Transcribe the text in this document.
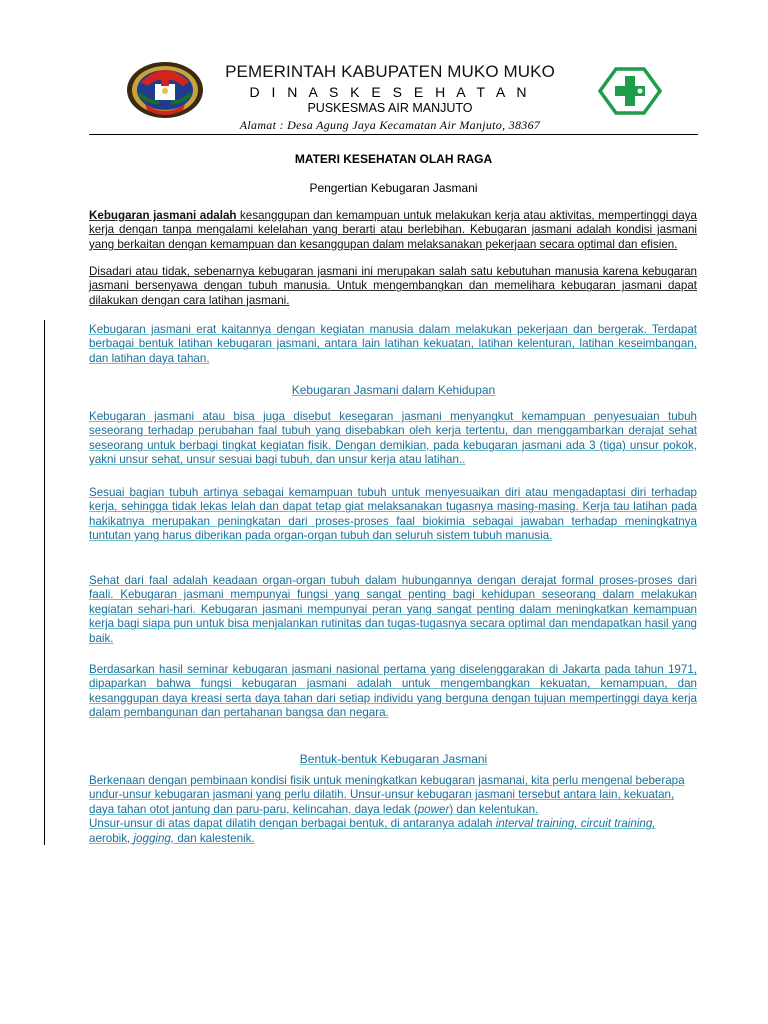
PEMERINTAH KABUPATEN MUKO MUKO
D I N A S K E S E H A T A N
PUSKESMAS AIR MANJUTO
Alamat : Desa Agung Jaya Kecamatan Air Manjuto, 38367
MATERI KESEHATAN OLAH RAGA
Pengertian Kebugaran Jasmani
Kebugaran jasmani adalah kesanggupan dan kemampuan untuk melakukan kerja atau aktivitas, mempertinggi daya kerja dengan tanpa mengalami kelelahan yang berarti atau berlebihan. Kebugaran jasmani adalah kondisi jasmani yang berkaitan dengan kemampuan dan kesanggupan dalam melaksanakan pekerjaan secara optimal dan efisien.
Disadari atau tidak, sebenarnya kebugaran jasmani ini merupakan salah satu kebutuhan manusia karena kebugaran jasmani bersenyawa dengan tubuh manusia. Untuk mengembangkan dan memelihara kebugaran jasmani dapat dilakukan dengan cara latihan jasmani.
Kebugaran jasmani erat kaitannya dengan kegiatan manusia dalam melakukan pekerjaan dan bergerak. Terdapat berbagai bentuk latihan kebugaran jasmani, antara lain latihan kekuatan, latihan kelenturan, latihan keseimbangan, dan latihan daya tahan.
Kebugaran Jasmani dalam Kehidupan
Kebugaran jasmani atau bisa juga disebut kesegaran jasmani menyangkut kemampuan penyesuaian tubuh seseorang terhadap perubahan faal tubuh yang disebabkan oleh kerja tertentu, dan menggambarkan derajat sehat seseorang untuk berbagi tingkat kegiatan fisik. Dengan demikian, pada kebugaran jasmani ada 3 (tiga) unsur pokok, yakni unsur sehat, unsur sesuai bagi tubuh, dan unsur kerja atau latihan..
Sesuai bagian tubuh artinya sebagai kemampuan tubuh untuk menyesuaikan diri atau mengadaptasi diri terhadap kerja, sehingga tidak lekas lelah dan dapat tetap giat melaksanakan tugasnya masing-masing. Kerja tau latihan pada hakikatnya merupakan peningkatan dari proses-proses faal biokimia sebagai jawaban terhadap meningkatnya tuntutan yang harus diberikan pada organ-organ tubuh dan seluruh sistem tubuh manusia.
Sehat dari faal adalah keadaan organ-organ tubuh dalam hubungannya dengan derajat formal proses-proses dari faali. Kebugaran jasmani mempunyai fungsi yang sangat penting bagi kehidupan seseorang dalam melakukan kegiatan sehari-hari. Kebugaran jasmani mempunyai peran yang sangat penting dalam meningkatkan kemampuan kerja bagi siapa pun untuk bisa menjalankan rutinitas dan tugas-tugasnya secara optimal dan mendapatkan hasil yang baik.
Berdasarkan hasil seminar kebugaran jasmani nasional pertama yang diselenggarakan di Jakarta pada tahun 1971, dipaparkan bahwa fungsi kebugaran jasmani adalah untuk mengembangkan kekuatan, kemampuan, dan kesanggupan daya kreasi serta daya tahan dari setiap individu yang berguna dengan tujuan mempertinggi daya kerja dalam pembangunan dan pertahanan bangsa dan negara.
Bentuk-bentuk Kebugaran Jasmani
Berkenaan dengan pembinaan kondisi fisik untuk meningkatkan kebugaran jasmanai, kita perlu mengenal beberapa undur-unsur kebugaran jasmani yang perlu dilatih. Unsur-unsur kebugaran jasmani tersebut antara lain, kekuatan, daya tahan otot jantung dan paru-paru, kelincahan, daya ledak (power) dan kelentukan.
Unsur-unsur di atas dapat dilatih dengan berbagai bentuk, di antaranya adalah interval training, circuit training, aerobik, jogging, dan kalestenik.
